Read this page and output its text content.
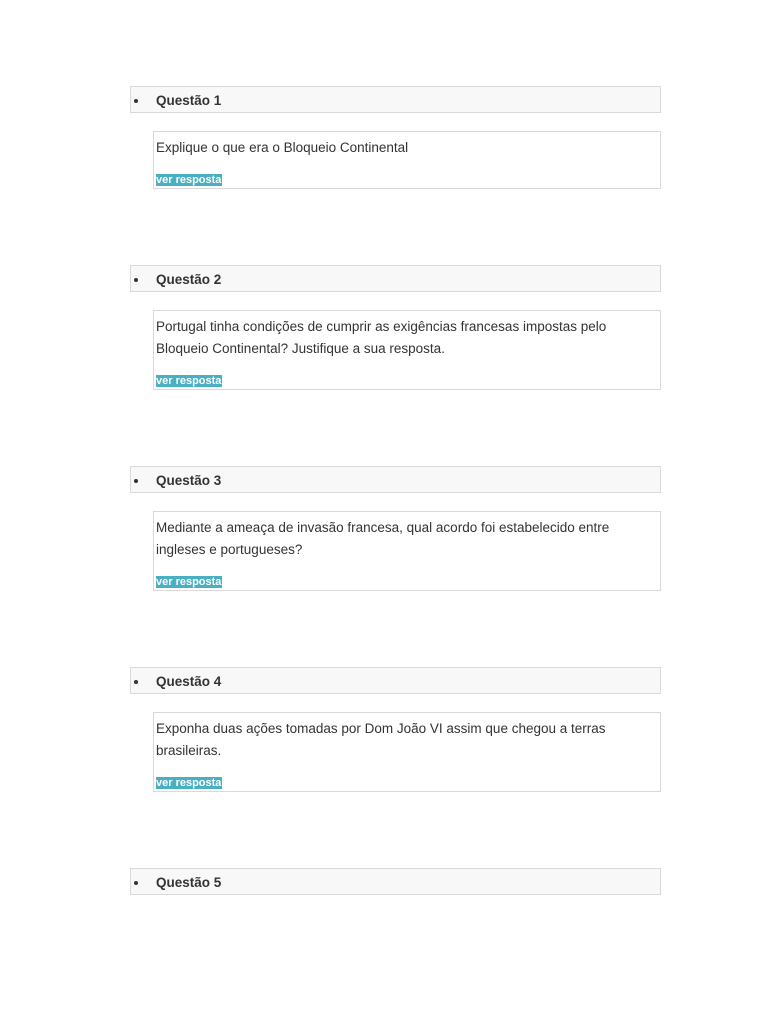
Questão 1

Explique o que era o Bloqueio Continental

ver resposta
Questão 2

Portugal tinha condições de cumprir as exigências francesas impostas pelo Bloqueio Continental? Justifique a sua resposta.

ver resposta
Questão 3

Mediante a ameaça de invasão francesa, qual acordo foi estabelecido entre ingleses e portugueses?

ver resposta
Questão 4

Exponha duas ações tomadas por Dom João VI assim que chegou a terras brasileiras.

ver resposta
Questão 5
